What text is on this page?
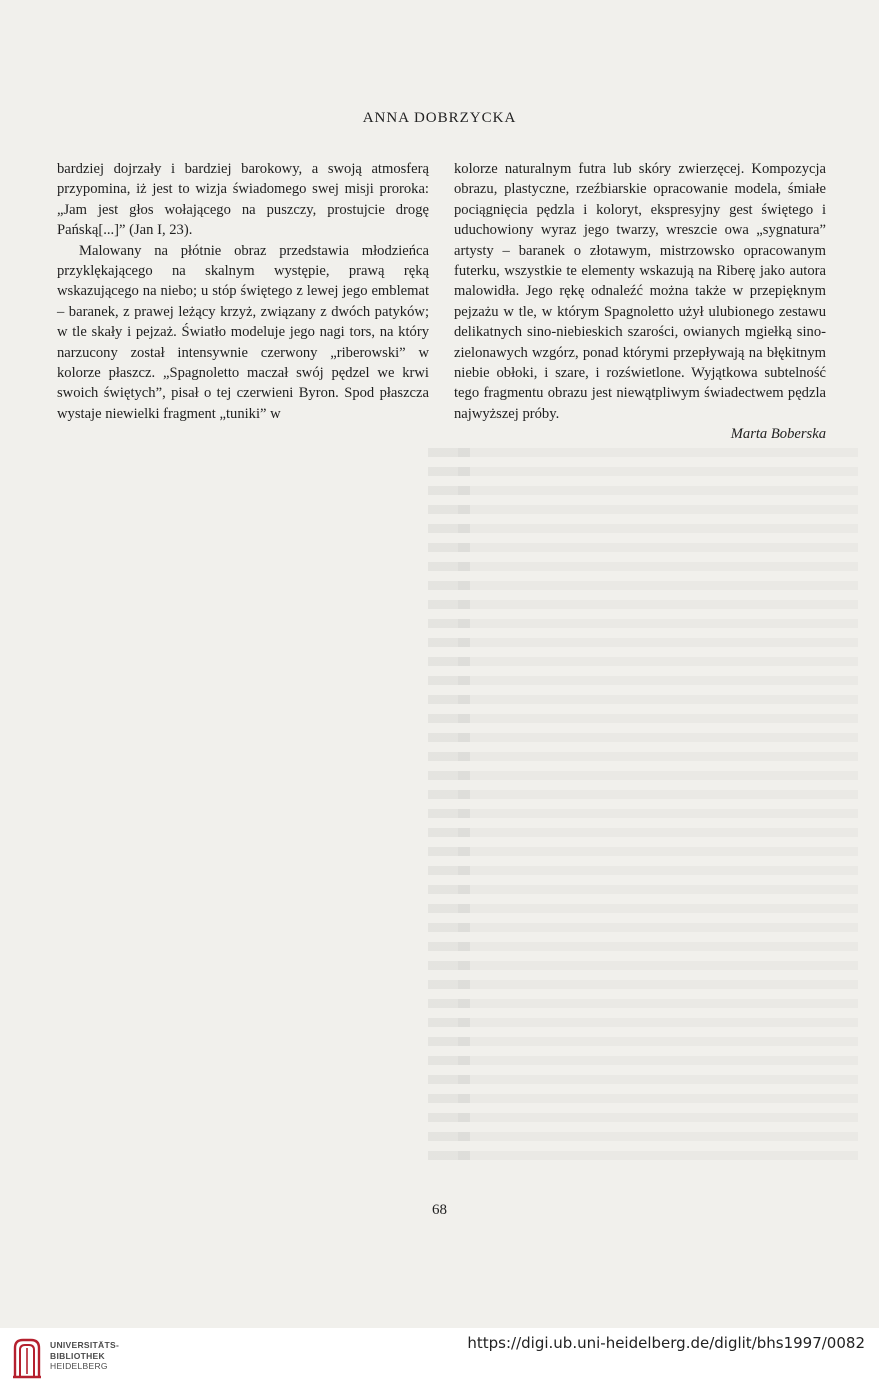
ANNA DOBRZYCKA

bardziej dojrzały i bardziej barokowy, a swoją atmosferą przypomina, iż jest to wizja świadomego swej misji proroka: „Jam jest głos wołającego na puszczy, prostujcie drogę Pańską[...]” (Jan I, 23).

Malowany na płótnie obraz przedstawia młodzieńca przyklękającego na skalnym występie, prawą ręką wskazującego na niebo; u stóp świętego z lewej jego emblemat – baranek, z prawej leżący krzyż, związany z dwóch patyków; w tle skały i pejzaż. Światło modeluje jego nagi tors, na który narzucony został intensywnie czerwony „riberowski” w kolorze płaszcz. „Spagnoletto maczał swój pędzel we krwi swoich świętych”, pisał o tej czerwieni Byron. Spod płaszcza wystaje niewielki fragment „tuniki” w

kolorze naturalnym futra lub skóry zwierzęcej. Kompozycja obrazu, plastyczne, rzeźbiarskie opracowanie modela, śmiałe pociągnięcia pędzla i koloryt, ekspresyjny gest świętego i uduchowiony wyraz jego twarzy, wreszcie owa „sygnatura” artysty – baranek o złotawym, mistrzowsko opracowanym futerku, wszystkie te elementy wskazują na Riberę jako autora malowidła. Jego rękę odnaleźć można także w przepięknym pejzażu w tle, w którym Spagnoletto użył ulubionego zestawu delikatnych sino-niebieskich szarości, owianych mgiełką sino-zielonawych wzgórz, ponad którymi przepływają na błękitnym niebie obłoki, i szare, i rozświetlone. Wyjątkowa subtelność tego fragmentu obrazu jest niewątpliwym świadectwem pędzla najwyższej próby.

Marta Boberska

68
UNIVERSITÄTS-
BIBLIOTHEK
HEIDELBERG
https://digi.ub.uni-heidelberg.de/diglit/bhs1997/0082
